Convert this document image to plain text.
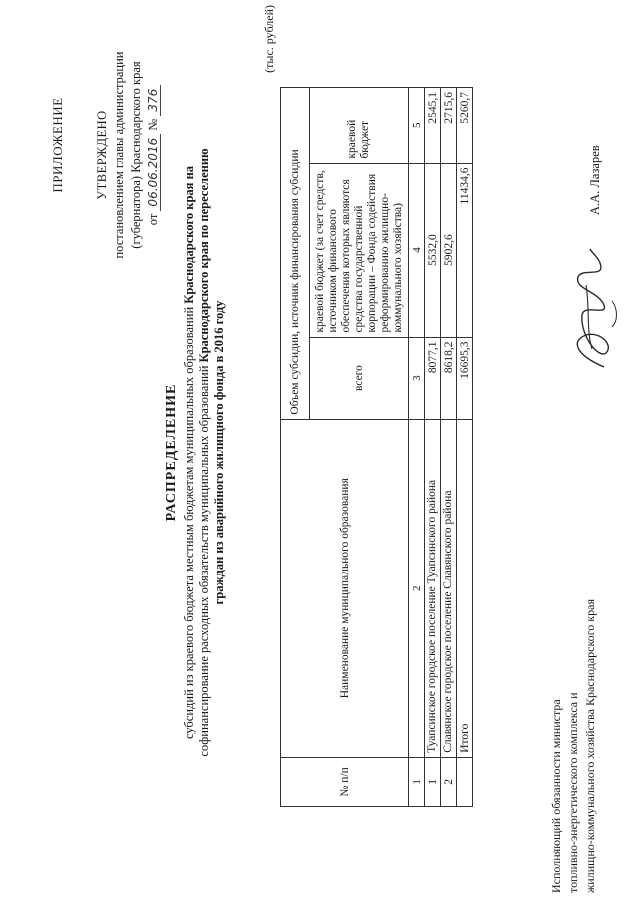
ПРИЛОЖЕНИЕ УТВЕРЖДЕНО постановлением главы администрации (губернатора) Краснодарского края от 06.06.2016 № 376
РАСПРЕДЕЛЕНИЕ субсидий из краевого бюджета местным бюджетам муниципальных образований Краснодарского края на
софинансирование расходных обязательств муниципальных образований Краснодарского края по переселению
граждан из аварийного жилищного фонда в 2016 году
(тыс. рублей)
№ п/п	Наименование муниципального образования	Объем субсидии, источник финансирования субсидии		
		всего	краевой бюджет (за счет средств, источником финансового обеспечения которых являются средства государственной корпорации – Фонда содействия реформированию жилищно-коммунального хозяйства)	краевой бюджет
1	2	3	4	5
1	Туапсинское городское поселение Туапсинского района	8077,1	5532,0	2545,1
2	Славянское городское поселение Славянского района	8618,2	5902,6	2715,6
	Итого	16695,3	11434,6	5260,7
Исполняющий обязанности министра топливно-энергетического комплекса и жилищно-коммунального хозяйства Краснодарского края
А.А. Лазарев
